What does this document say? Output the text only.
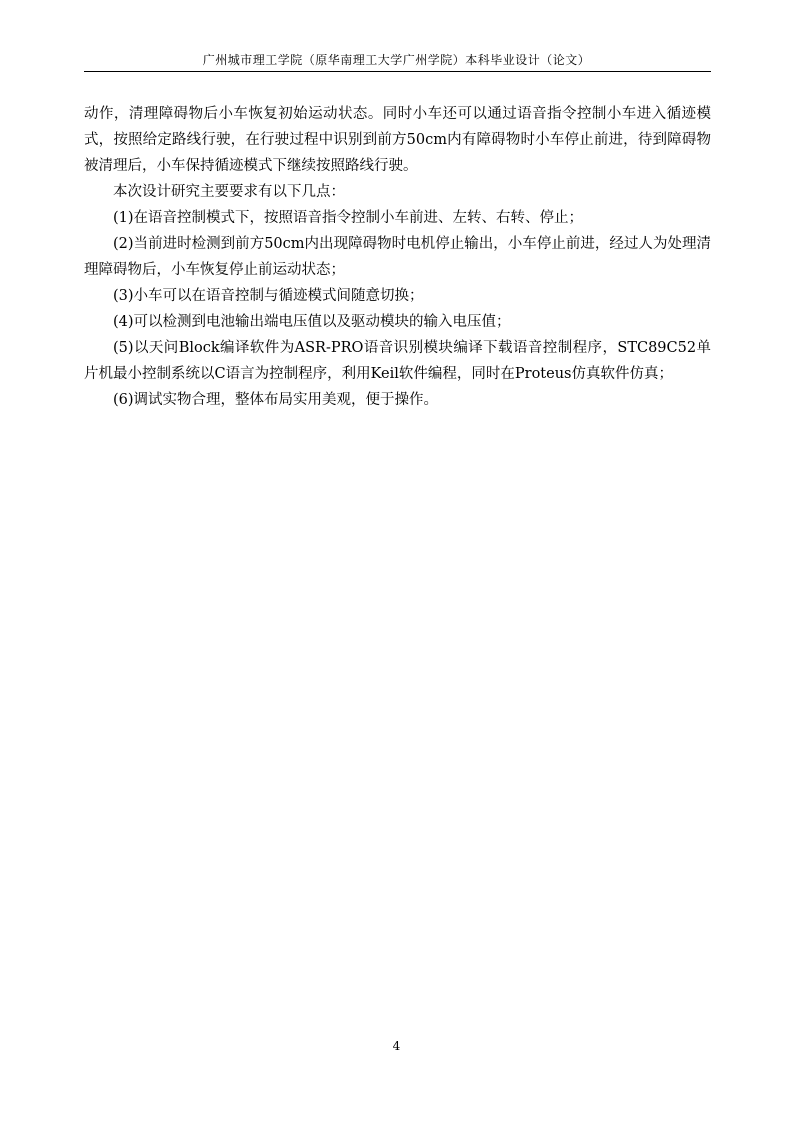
广州城市理工学院（原华南理工大学广州学院）本科毕业设计（论文）

动作，清理障碍物后小车恢复初始运动状态。同时小车还可以通过语音指令控制小车进入循迹模式，按照给定路线行驶，在行驶过程中识别到前方50cm内有障碍物时小车停止前进，待到障碍物被清理后，小车保持循迹模式下继续按照路线行驶。

本次设计研究主要要求有以下几点：

(1)在语音控制模式下，按照语音指令控制小车前进、左转、右转、停止；

(2)当前进时检测到前方50cm内出现障碍物时电机停止输出，小车停止前进，经过人为处理清理障碍物后，小车恢复停止前运动状态；

(3)小车可以在语音控制与循迹模式间随意切换；

(4)可以检测到电池输出端电压值以及驱动模块的输入电压值；

(5)以天问Block编译软件为ASR-PRO语音识别模块编译下载语音控制程序，STC89C52单片机最小控制系统以C语言为控制程序，利用Keil软件编程，同时在Proteus仿真软件仿真；

(6)调试实物合理，整体布局实用美观，便于操作。

4
